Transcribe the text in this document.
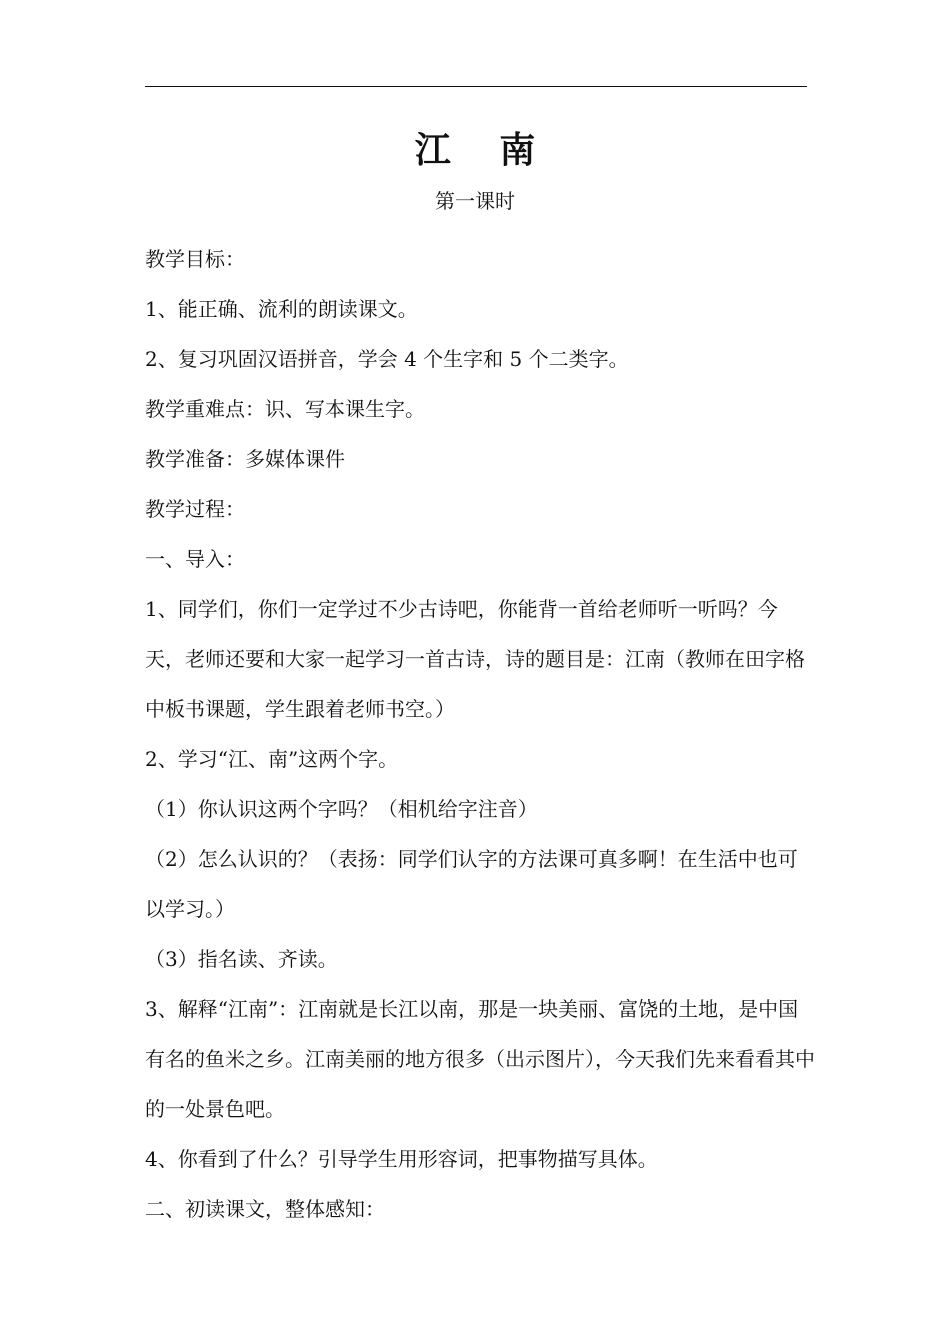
江　 南
第一课时

教学目标：

1、能正确、流利的朗读课文。

2、复习巩固汉语拼音，学会 4 个生字和 5 个二类字。

教学重难点：识、写本课生字。

教学准备：多媒体课件

教学过程：

一、导入：

1、同学们，你们一定学过不少古诗吧，你能背一首给老师听一听吗？今天，老师还要和大家一起学习一首古诗，诗的题目是：江南（教师在田字格中板书课题，学生跟着老师书空。）

2、学习“江、南”这两个字。

（1）你认识这两个字吗？（相机给字注音）

（2）怎么认识的？（表扬：同学们认字的方法课可真多啊！在生活中也可以学习。）

（3）指名读、齐读。

3、解释“江南”：江南就是长江以南，那是一块美丽、富饶的土地，是中国有名的鱼米之乡。江南美丽的地方很多（出示图片），今天我们先来看看其中的一处景色吧。

4、你看到了什么？引导学生用形容词，把事物描写具体。

二、初读课文，整体感知：
